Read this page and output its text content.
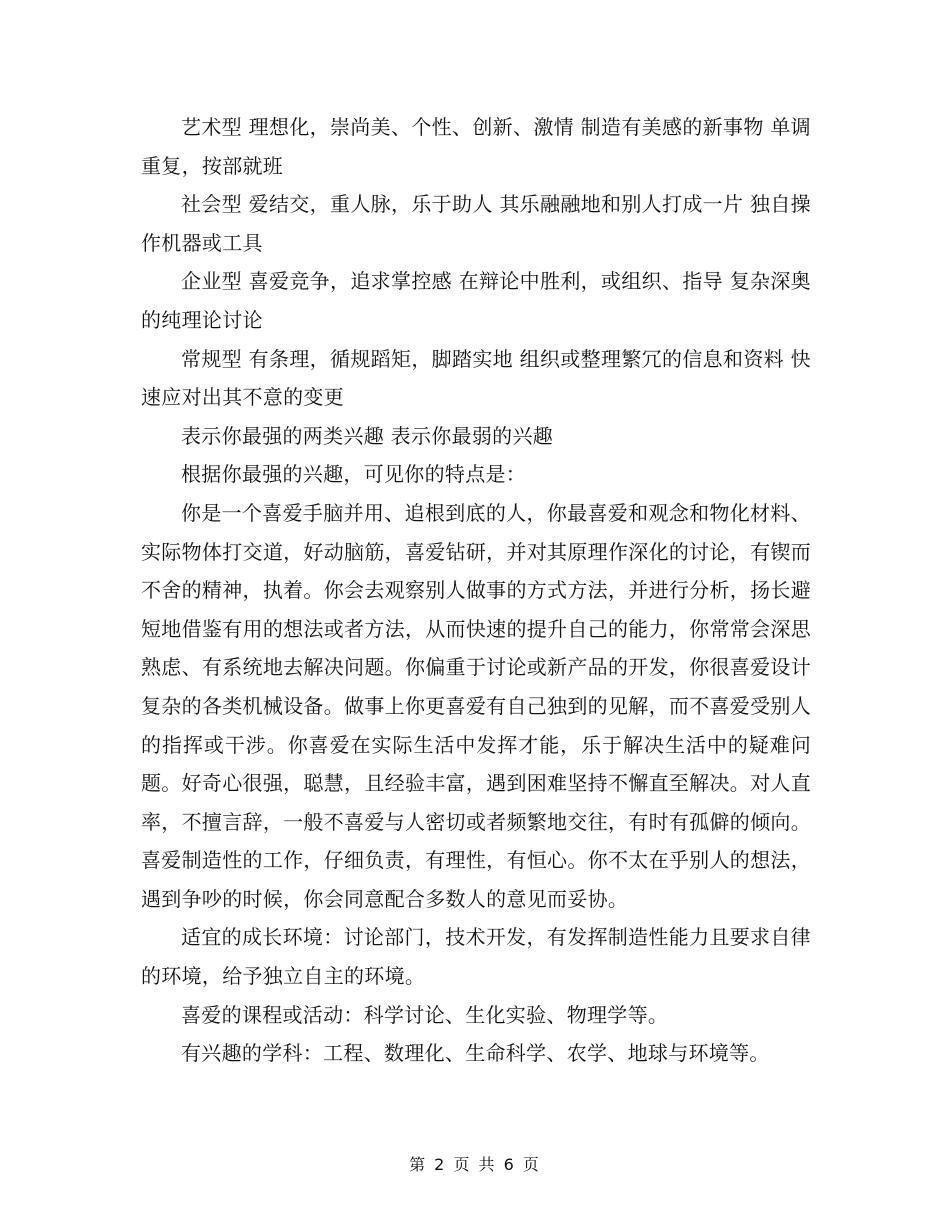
艺术型 理想化，崇尚美、个性、创新、激情 制造有美感的新事物 单调重复，按部就班

社会型 爱结交，重人脉，乐于助人 其乐融融地和别人打成一片 独自操作机器或工具

企业型 喜爱竞争，追求掌控感 在辩论中胜利，或组织、指导 复杂深奥的纯理论讨论

常规型 有条理，循规蹈矩，脚踏实地 组织或整理繁冗的信息和资料 快速应对出其不意的变更

表示你最强的两类兴趣 表示你最弱的兴趣

根据你最强的兴趣，可见你的特点是：

你是一个喜爱手脑并用、追根到底的人，你最喜爱和观念和物化材料、实际物体打交道，好动脑筋，喜爱钻研，并对其原理作深化的讨论，有锲而不舍的精神，执着。你会去观察别人做事的方式方法，并进行分析，扬长避短地借鉴有用的想法或者方法，从而快速的提升自己的能力，你常常会深思熟虑、有系统地去解决问题。你偏重于讨论或新产品的开发，你很喜爱设计复杂的各类机械设备。做事上你更喜爱有自己独到的见解，而不喜爱受别人的指挥或干涉。你喜爱在实际生活中发挥才能，乐于解决生活中的疑难问题。好奇心很强，聪慧，且经验丰富，遇到困难坚持不懈直至解决。对人直率，不擅言辞，一般不喜爱与人密切或者频繁地交往，有时有孤僻的倾向。喜爱制造性的工作，仔细负责，有理性，有恒心。你不太在乎别人的想法，遇到争吵的时候，你会同意配合多数人的意见而妥协。

适宜的成长环境：讨论部门，技术开发，有发挥制造性能力且要求自律的环境，给予独立自主的环境。

喜爱的课程或活动：科学讨论、生化实验、物理学等。

有兴趣的学科：工程、数理化、生命科学、农学、地球与环境等。

第 2 页 共 6 页
